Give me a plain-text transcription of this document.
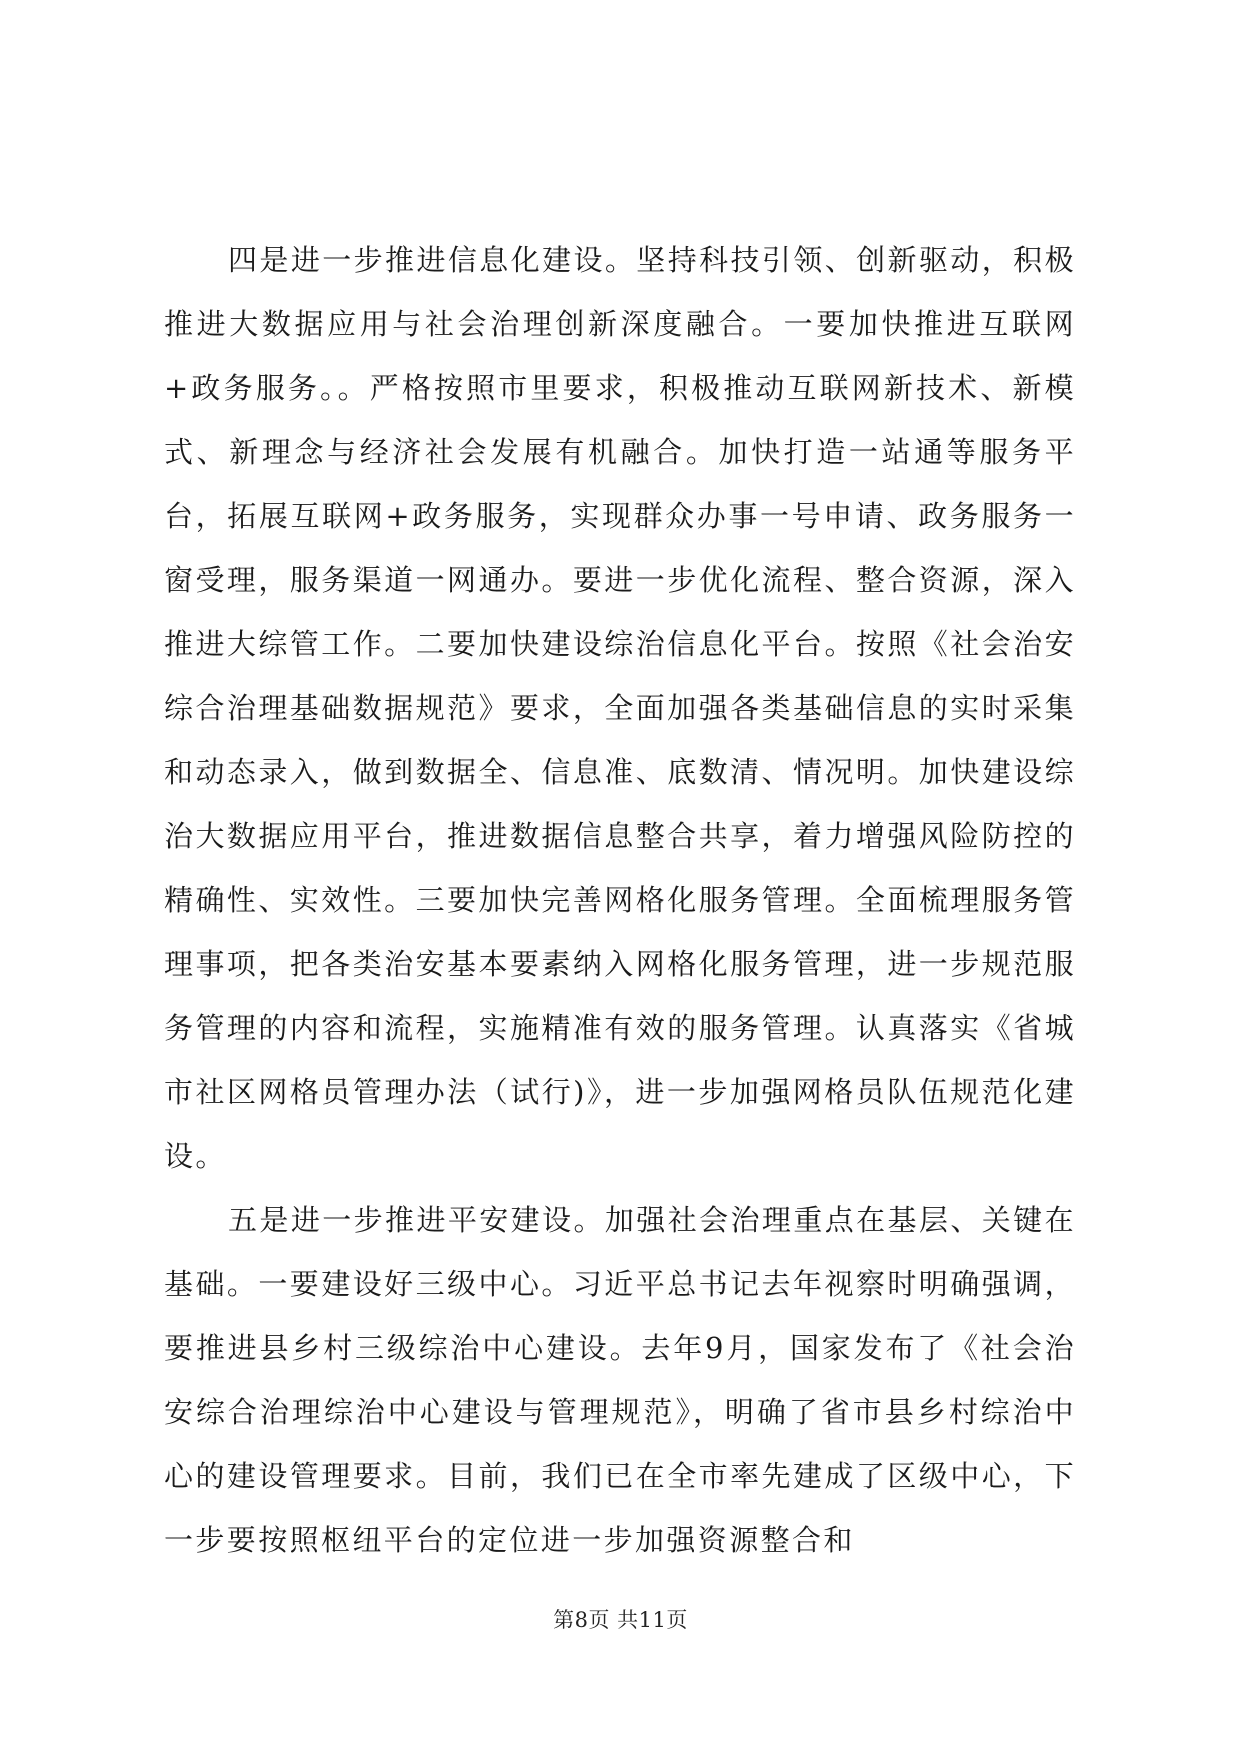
四是进一步推进信息化建设。坚持科技引领、创新驱动，积极推进大数据应用与社会治理创新深度融合。一要加快推进互联网+政务服务。。严格按照市里要求，积极推动互联网新技术、新模式、新理念与经济社会发展有机融合。加快打造一站通等服务平台，拓展互联网+政务服务，实现群众办事一号申请、政务服务一窗受理，服务渠道一网通办。要进一步优化流程、整合资源，深入推进大综管工作。二要加快建设综治信息化平台。按照《社会治安综合治理基础数据规范》要求，全面加强各类基础信息的实时采集和动态录入，做到数据全、信息准、底数清、情况明。加快建设综治大数据应用平台，推进数据信息整合共享，着力增强风险防控的精确性、实效性。三要加快完善网格化服务管理。全面梳理服务管理事项，把各类治安基本要素纳入网格化服务管理，进一步规范服务管理的内容和流程，实施精准有效的服务管理。认真落实《省城市社区网格员管理办法（试行)》，进一步加强网格员队伍规范化建设。

五是进一步推进平安建设。加强社会治理重点在基层、关键在基础。一要建设好三级中心。习近平总书记去年视察时明确强调，要推进县乡村三级综治中心建设。去年9月，国家发布了《社会治安综合治理综治中心建设与管理规范》，明确了省市县乡村综治中心的建设管理要求。目前，我们已在全市率先建成了区级中心，下一步要按照枢纽平台的定位进一步加强资源整合和

第8页 共11页
